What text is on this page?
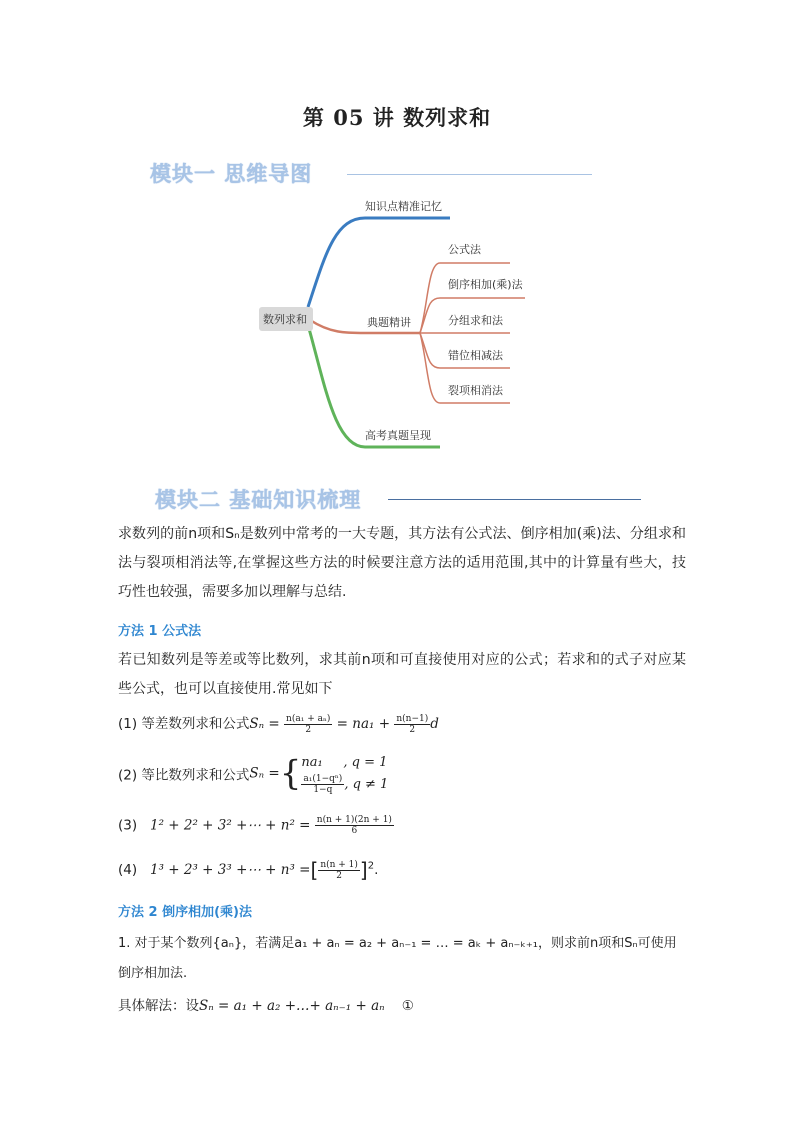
第 05 讲 数列求和
模块一 思维导图
数列求和
知识点精准记忆
典题精讲
高考真题呈现
公式法
倒序相加(乘)法
分组求和法
错位相减法
裂项相消法
模块二 基础知识梳理
求数列的前n项和Sₙ是数列中常考的一大专题，其方法有公式法、倒序相加(乘)法、分组求和法与裂项相消法等,在掌握这些方法的时候要注意方法的适用范围,其中的计算量有些大，技巧性也较强，需要多加以理解与总结.
方法 1 公式法
若已知数列是等差或等比数列，求其前n项和可直接使用对应的公式；若求和的式子对应某些公式，也可以直接使用.常见如下
(1) 等差数列求和公式$S_n = \frac{\text{n(a₁ + aₙ)}}{2} = na_1 + \frac{n(n-1)}{2}$ d
(2) 等比数列求和公式Sₙ ={ na₁ , q = 1
$\frac{\text{a₁(1−qⁿ)}}{1-q}$ , q ≠ 1
(3) 1² + 2² + 3² +⋯ + $n^2 = \frac{n(n + 1)(2n + 1)}{6}$
(4) 1³ + 2³ + 3³ +⋯ + n³ =[ $\frac{n(n + 1)}{2} ]^2$.
方法 2 倒序相加(乘)法
1. 对于某个数列{aₙ}，若满足a₁ + aₙ = a₂ + aₙ₋₁ = … = aₖ + aₙ₋ₖ₊₁，则求前n项和Sₙ可使用
倒序相加法.
具体解法：设Sₙ = a₁ + a₂ +…+ aₙ₋₁ + aₙ ①
